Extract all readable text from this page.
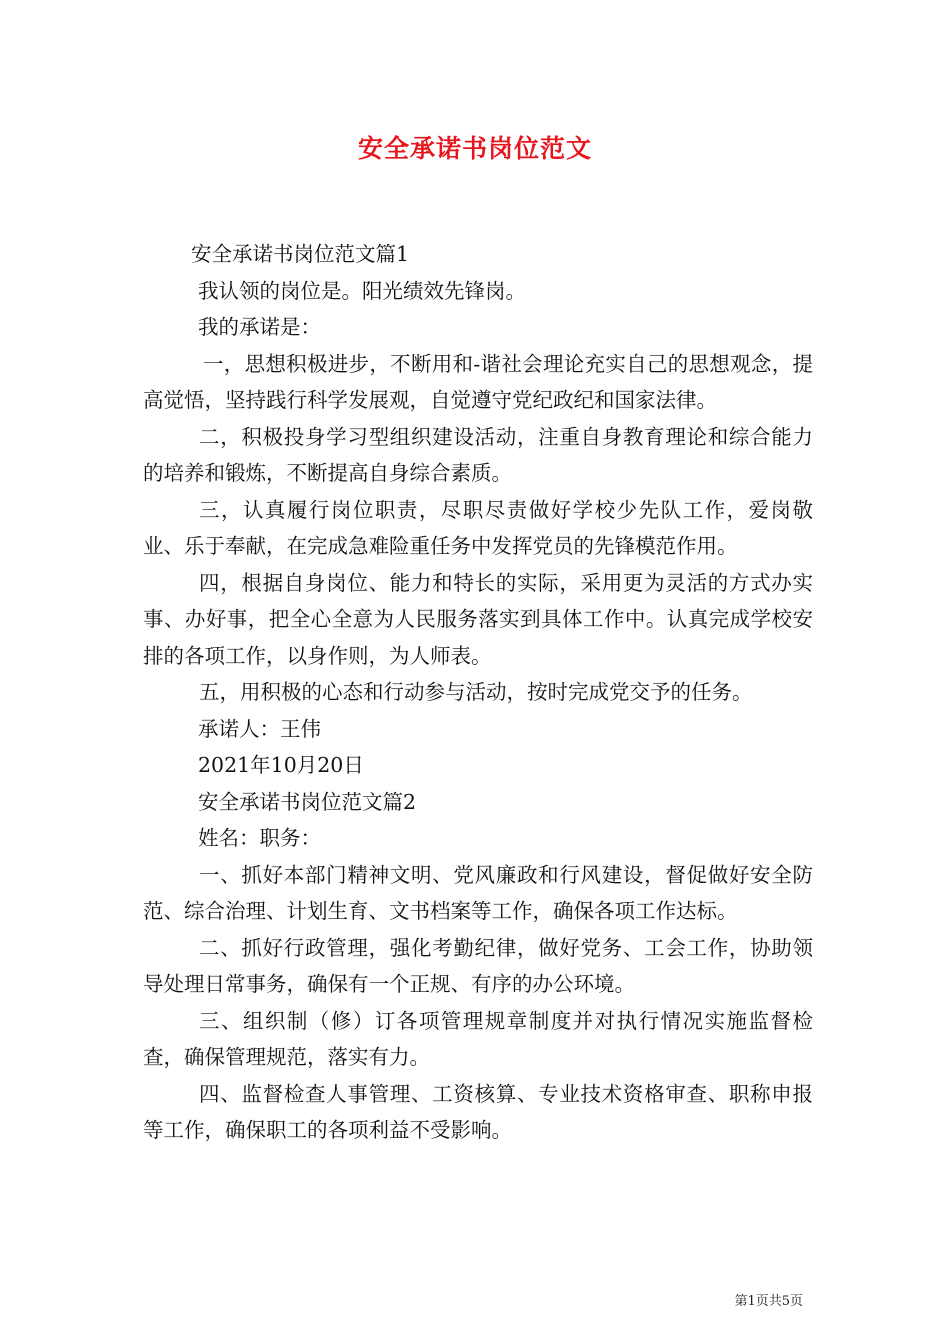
安全承诺书岗位范文
安全承诺书岗位范文篇1
我认领的岗位是。阳光绩效先锋岗。
我的承诺是：
一，思想积极进步，不断用和-谐社会理论充实自己的思想观念，提高觉悟，坚持践行科学发展观，自觉遵守党纪政纪和国家法律。
二，积极投身学习型组织建设活动，注重自身教育理论和综合能力的培养和锻炼，不断提高自身综合素质。
三，认真履行岗位职责，尽职尽责做好学校少先队工作，爱岗敬业、乐于奉献，在完成急难险重任务中发挥党员的先锋模范作用。
四，根据自身岗位、能力和特长的实际，采用更为灵活的方式办实事、办好事，把全心全意为人民服务落实到具体工作中。认真完成学校安排的各项工作，以身作则，为人师表。
五，用积极的心态和行动参与活动，按时完成党交予的任务。
承诺人：王伟
2021年10月20日
安全承诺书岗位范文篇2
姓名：职务：
一、抓好本部门精神文明、党风廉政和行风建设，督促做好安全防范、综合治理、计划生育、文书档案等工作，确保各项工作达标。
二、抓好行政管理，强化考勤纪律，做好党务、工会工作，协助领导处理日常事务，确保有一个正规、有序的办公环境。
三、组织制（修）订各项管理规章制度并对执行情况实施监督检查，确保管理规范，落实有力。
四、监督检查人事管理、工资核算、专业技术资格审查、职称申报等工作，确保职工的各项利益不受影响。
第1页共5页
